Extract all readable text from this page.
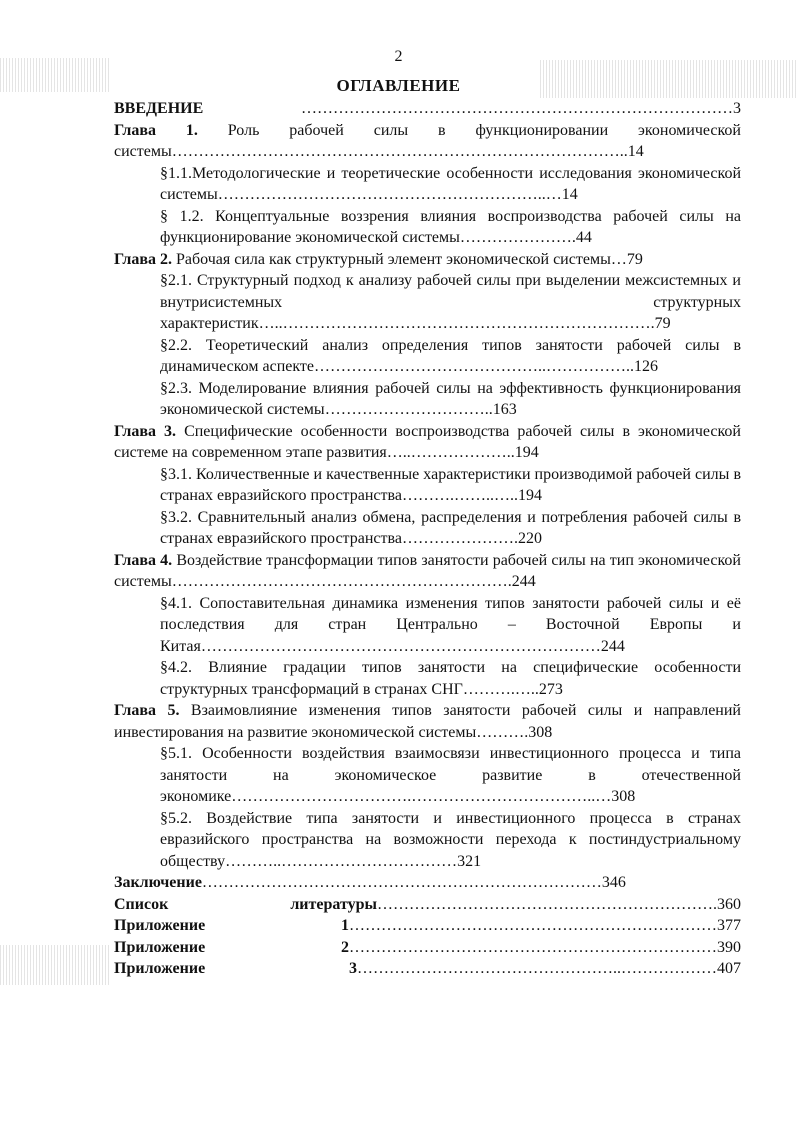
2
ОГЛАВЛЕНИЕ
ВВЕДЕНИЕ ………………………………………………………………………3
Глава 1. Роль рабочей силы в функционировании экономической системы…………………………………………………………………………..14
§1.1.Методологические и теоретические особенности исследования экономической системы……………………………………………………..…14
§ 1.2. Концептуальные воззрения влияния воспроизводства рабочей силы на функционирование экономической системы………………….44
Глава 2. Рабочая сила как структурный элемент экономической системы…79
§2.1. Структурный подход к анализу рабочей силы при выделении межсистемных и внутрисистемных структурных характеристик…..…………………………………………………………….79
§2.2. Теоретический анализ определения типов занятости рабочей силы в динамическом аспекте……………………………………..……………..126
§2.3. Моделирование влияния рабочей силы на эффективность функционирования экономической системы…………………………..163
Глава 3. Специфические особенности воспроизводства рабочей силы в экономической системе на современном этапе развития…..………………..194
§3.1. Количественные и качественные характеристики производимой рабочей силы в странах евразийского пространства……….……..…..194
§3.2. Сравнительный анализ обмена, распределения и потребления рабочей силы в странах евразийского пространства………………….220
Глава 4. Воздействие трансформации типов занятости рабочей силы на тип экономической системы……………………………………………………….244
§4.1. Сопоставительная динамика изменения типов занятости рабочей силы и её последствия для стран Центрально – Восточной Европы и Китая…………………………………………………………………244
§4.2. Влияние градации типов занятости на специфические особенности структурных трансформаций в странах СНГ……….…..273
Глава 5. Взаимовлияние изменения типов занятости рабочей силы и направлений инвестирования на развитие экономической системы……….308
§5.1. Особенности воздействия взаимосвязи инвестиционного процесса и типа занятости на экономическое развитие в отечественной экономике…………………………….……………………………..…308
§5.2. Воздействие типа занятости и инвестиционного процесса в странах евразийского пространства на возможности перехода к постиндустриальному обществу………..……………………………321
Заключение…………………………………………………………………346
Список литературы……………………………………………………….360
Приложение 1……………………………………………………………377
Приложение 2……………………………………………………………390
Приложение 3…………………………………………..………………407
